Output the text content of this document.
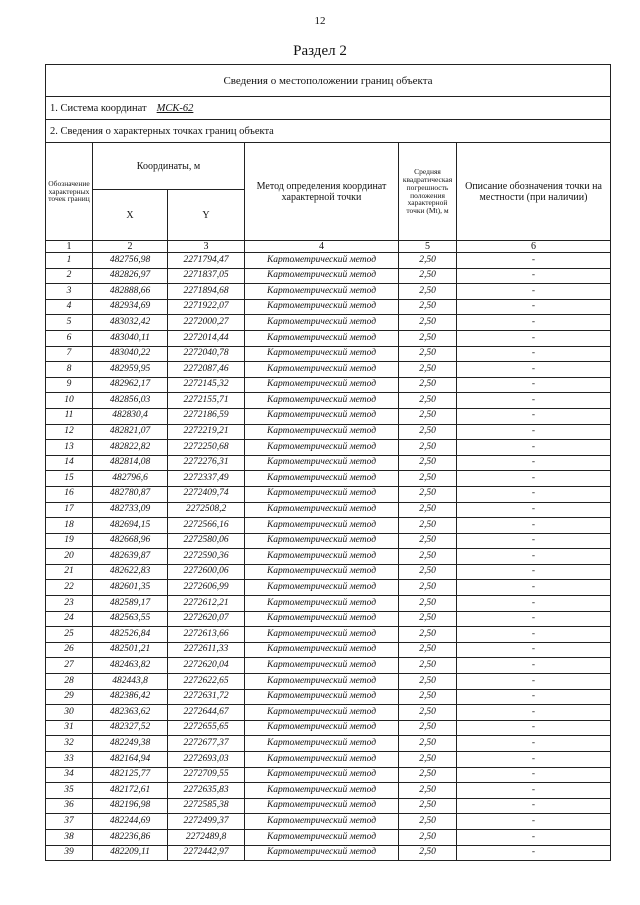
12
Раздел 2
Сведения о местоположении границ объекта					
1. Система координат МСК-62					
2. Сведения о характерных точках границ объекта					
Обозначение характерных точек границ	Координаты, м		Метод определения координат характерной точки	Средняя квадратическая погрешность положения характерной точки (Mt), м	Описание обозначения точки на местности (при наличии)
	X	Y			
1	2	3	4	5	6
1	482756,98	2271794,47	Картометрический метод	2,50	-
2	482826,97	2271837,05	Картометрический метод	2,50	-
3	482888,66	2271894,68	Картометрический метод	2,50	-
4	482934,69	2271922,07	Картометрический метод	2,50	-
5	483032,42	2272000,27	Картометрический метод	2,50	-
6	483040,11	2272014,44	Картометрический метод	2,50	-
7	483040,22	2272040,78	Картометрический метод	2,50	-
8	482959,95	2272087,46	Картометрический метод	2,50	-
9	482962,17	2272145,32	Картометрический метод	2,50	-
10	482856,03	2272155,71	Картометрический метод	2,50	-
11	482830,4	2272186,59	Картометрический метод	2,50	-
12	482821,07	2272219,21	Картометрический метод	2,50	-
13	482822,82	2272250,68	Картометрический метод	2,50	-
14	482814,08	2272276,31	Картометрический метод	2,50	-
15	482796,6	2272337,49	Картометрический метод	2,50	-
16	482780,87	2272409,74	Картометрический метод	2,50	-
17	482733,09	2272508,2	Картометрический метод	2,50	-
18	482694,15	2272566,16	Картометрический метод	2,50	-
19	482668,96	2272580,06	Картометрический метод	2,50	-
20	482639,87	2272590,36	Картометрический метод	2,50	-
21	482622,83	2272600,06	Картометрический метод	2,50	-
22	482601,35	2272606,99	Картометрический метод	2,50	-
23	482589,17	2272612,21	Картометрический метод	2,50	-
24	482563,55	2272620,07	Картометрический метод	2,50	-
25	482526,84	2272613,66	Картометрический метод	2,50	-
26	482501,21	2272611,33	Картометрический метод	2,50	-
27	482463,82	2272620,04	Картометрический метод	2,50	-
28	482443,8	2272622,65	Картометрический метод	2,50	-
29	482386,42	2272631,72	Картометрический метод	2,50	-
30	482363,62	2272644,67	Картометрический метод	2,50	-
31	482327,52	2272655,65	Картометрический метод	2,50	-
32	482249,38	2272677,37	Картометрический метод	2,50	-
33	482164,94	2272693,03	Картометрический метод	2,50	-
34	482125,77	2272709,55	Картометрический метод	2,50	-
35	482172,61	2272635,83	Картометрический метод	2,50	-
36	482196,98	2272585,38	Картометрический метод	2,50	-
37	482244,69	2272499,37	Картометрический метод	2,50	-
38	482236,86	2272489,8	Картометрический метод	2,50	-
39	482209,11	2272442,97	Картометрический метод	2,50	-
